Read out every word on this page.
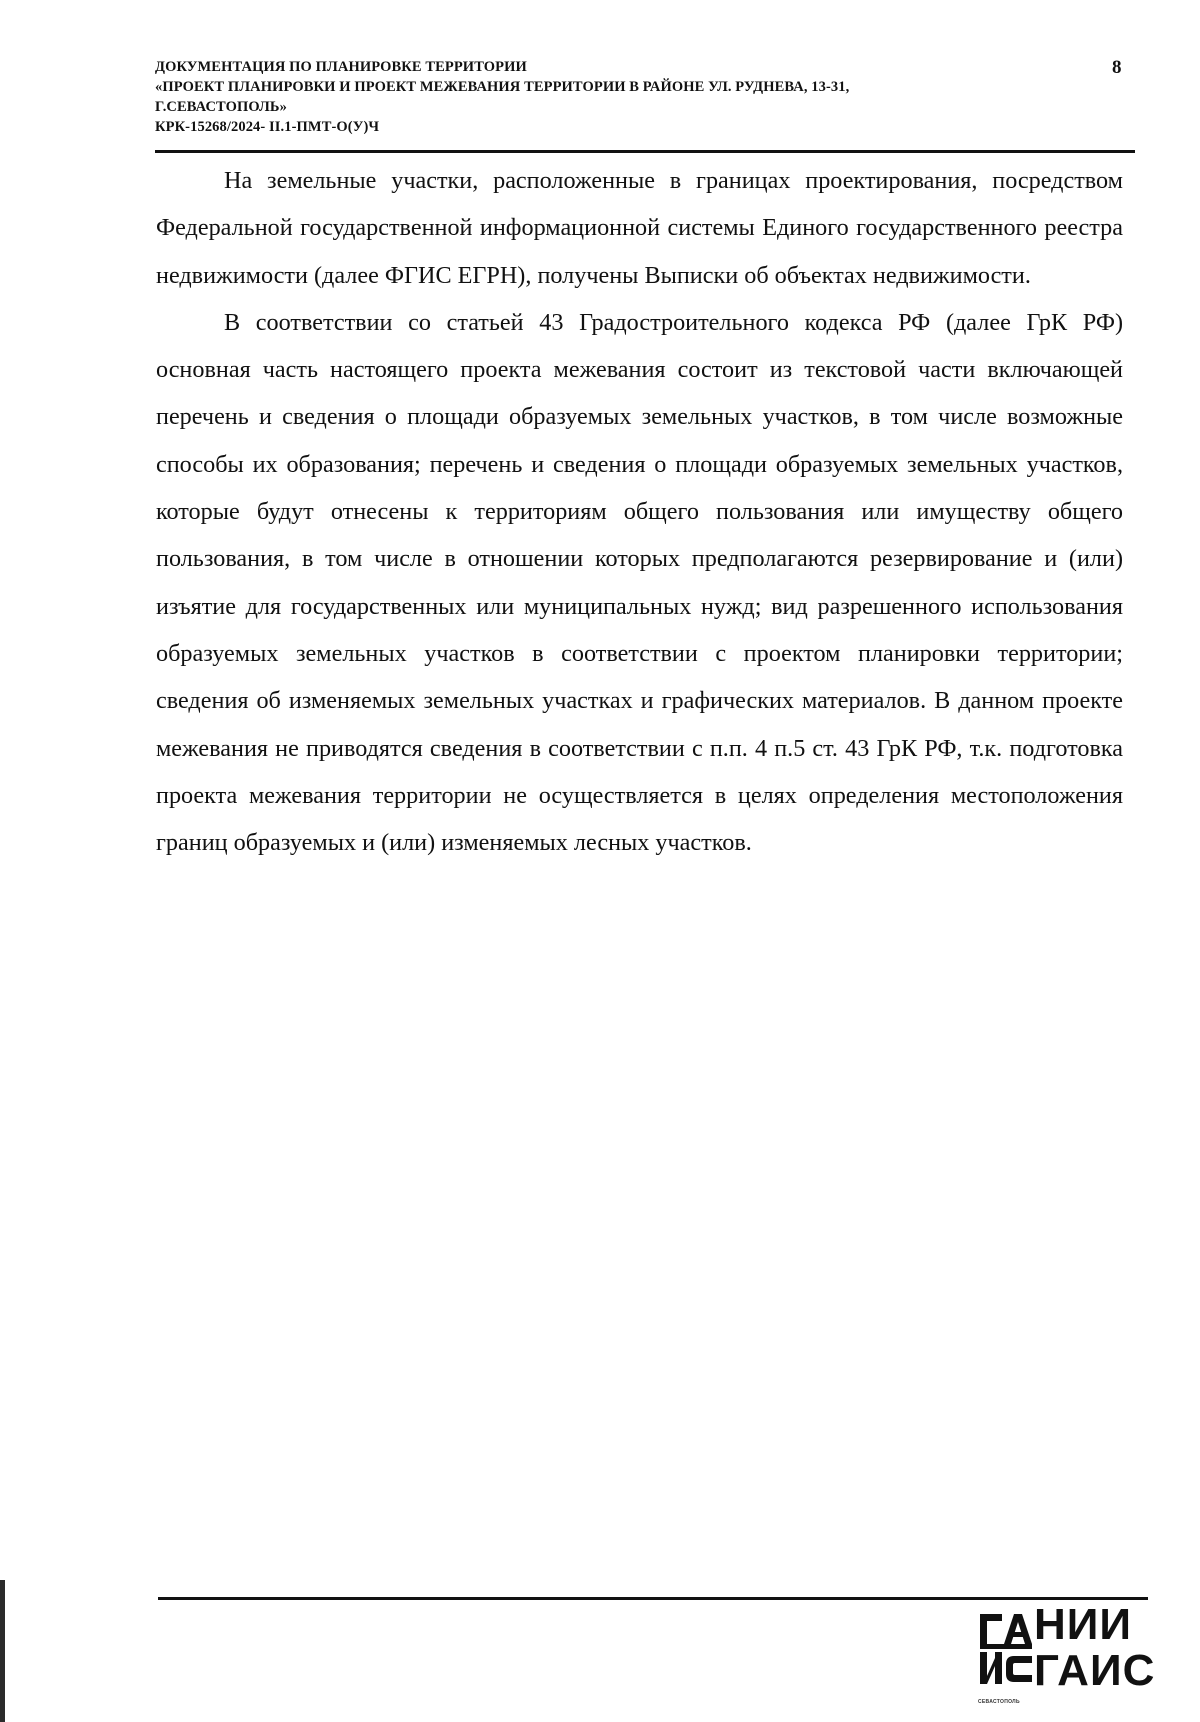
ДОКУМЕНТАЦИЯ ПО ПЛАНИРОВКЕ ТЕРРИТОРИИ
«ПРОЕКТ ПЛАНИРОВКИ И ПРОЕКТ МЕЖЕВАНИЯ ТЕРРИТОРИИ В РАЙОНЕ УЛ. РУДНЕВА, 13-31,
Г.СЕВАСТОПОЛЬ»
КРК-15268/2024- II.1-ПМТ-О(У)Ч
8

На земельные участки, расположенные в границах проектирования, посредством Федеральной государственной информационной системы Единого государственного реестра недвижимости (далее ФГИС ЕГРН), получены Выписки об объектах недвижимости.

В соответствии со статьей 43 Градостроительного кодекса РФ (далее ГрК РФ) основная часть настоящего проекта межевания состоит из текстовой части включающей перечень и сведения о площади образуемых земельных участков, в том числе возможные способы их образования; перечень и сведения о площади образуемых земельных участков, которые будут отнесены к территориям общего пользования или имуществу общего пользования, в том числе в отношении которых предполагаются резервирование и (или) изъятие для государственных или муниципальных нужд; вид разрешенного использования образуемых земельных участков в соответствии с проектом планировки территории; сведения об изменяемых земельных участках и графических материалов. В данном проекте межевания не приводятся сведения в соответствии с п.п. 4 п.5 ст. 43 ГрК РФ, т.к. подготовка проекта межевания территории не осуществляется в целях определения местоположения границ образуемых и (или) изменяемых лесных участков.

НИИ
ГАИС
СЕВАСТОПОЛЬ
